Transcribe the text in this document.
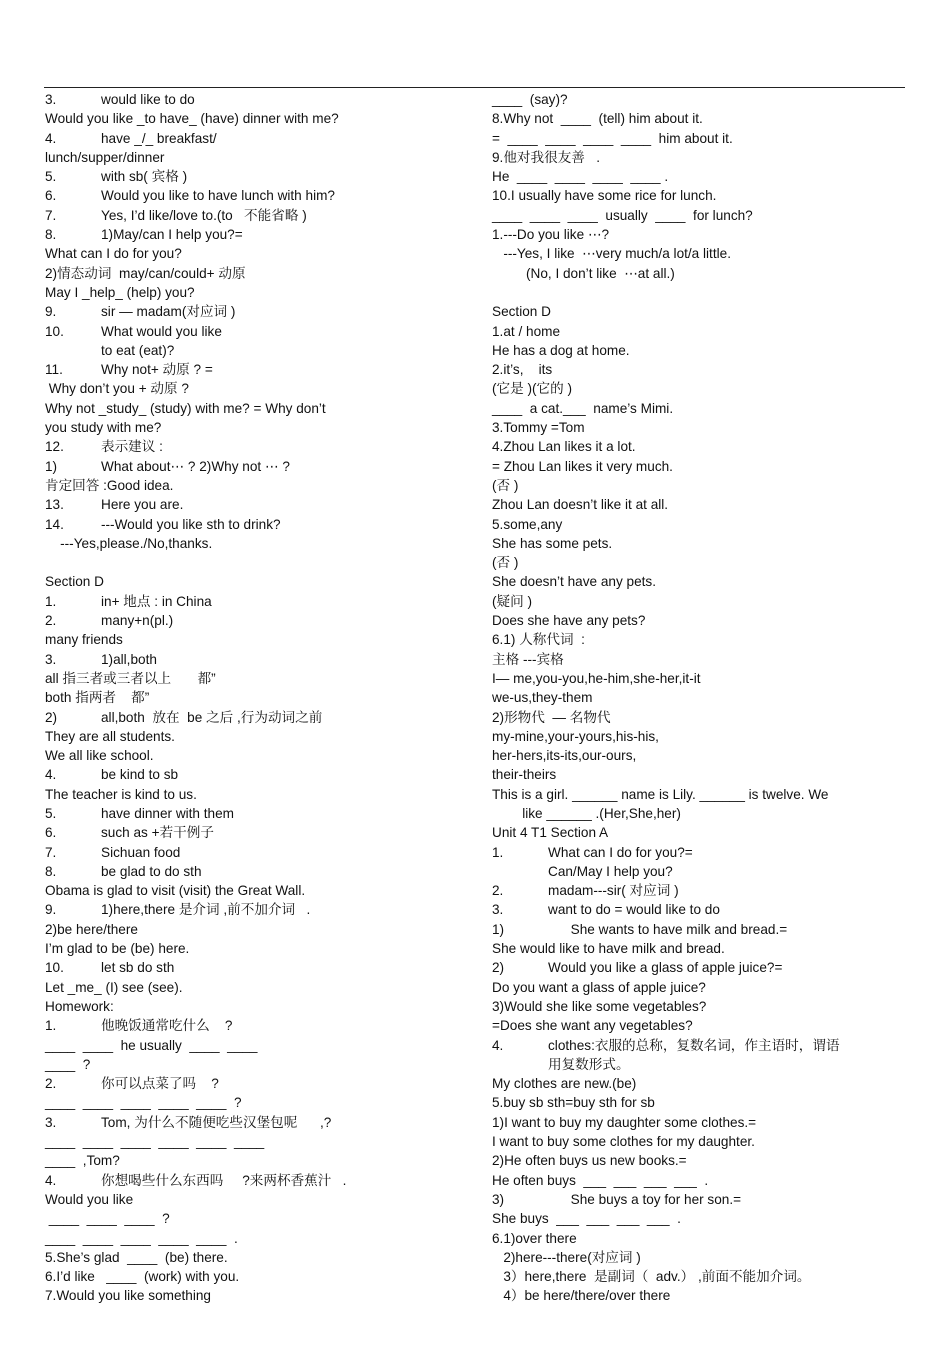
3.	would like to do
Would you like _to have_ (have) dinner with me?
4.	have _/_ breakfast/
lunch/supper/dinner
5.	with sb( 宾格 )
6.	Would you like to have lunch with him?
7.	Yes, I’d like/love to.(to   不能省略 )
8.	1)May/can I help you?=
What can I do for you?
2)情态动词  may/can/could+ 动原
May I _help_ (help) you?
9.	sir — madam(对应词 )
10.	What would you like
to eat (eat)?
11.	Why not+ 动原 ? =
Why don’t you + 动原 ?
Why not _study_ (study) with me? = Why don’t
you study with me?
12.	表示建议 :
1)	What about⋯ ? 2)Why not ⋯ ?
肯定回答 :Good idea.
13.	Here you are.
14.	---Would you like sth to drink?
---Yes,please./No,thanks.
Section D
1.	in+ 地点 : in China
2.	many+n(pl.)
many friends
3.	1)all,both
all 指三者或三者以上       都”
both 指两者    都”
2)	all,both  放在  be 之后 ,行为动词之前
They are all students.
We all like school.
4.	be kind to sb
The teacher is kind to us.
5.	have dinner with them
6.	such as +若干例子
7.	Sichuan food
8.	be glad to do sth
Obama is glad to visit (visit) the Great Wall.
9.	1)here,there 是介词 ,前不加介词   .
2)be here/there
I’m glad to be (be) here.
10.	let sb do sth
Let _me_ (I) see (see).
Homework:
1.	他晚饭通常吃什么    ?
____  ____  he usually  ____  ____
____  ?
2.	你可以点菜了吗    ?
____  ____  ____  ____  ____  ?
3.	Tom, 为什么不随便吃些汉堡包呢      ,?
____  ____  ____  ____  ____  ____
____  ,Tom?
4.	你想喝些什么东西吗     ?来两杯香蕉汁   .
Would you like
____  ____  ____  ?
____  ____  ____  ____  ____  .
5.She’s glad  ____  (be) there.
6.I’d like   ____  (work) with you.
7.Would you like something
____  (say)?
8.Why not  ____  (tell) him about it.
=  ____  ____  ____  ____  him about it.
9.他对我很友善   .
He  ____  ____  ____  ____ .
10.I usually have some rice for lunch.
____  ____  ____  usually  ____  for lunch?
1.---Do you like ⋯?
---Yes, I like  ⋯very much/a lot/a little.
(No, I don’t like  ⋯at all.)
Section D
1.at / home
He has a dog at home.
2.it’s,    its
(它是 )(它的 )
____  a cat.___  name’s Mimi.
3.Tommy =Tom
4.Zhou Lan likes it a lot.
= Zhou Lan likes it very much.
(否 )
Zhou Lan doesn’t like it at all.
5.some,any
She has some pets.
(否 )
She doesn’t have any pets.
(疑问 )
Does she have any pets?
6.1) 人称代词  :
主格 ---宾格
I— me,you-you,he-him,she-her,it-it
we-us,they-them
2)形物代  — 名物代
my-mine,your-yours,his-his,
her-hers,its-its,our-ours,
their-theirs
This is a girl. ______ name is Lily. ______ is twelve. We
like ______ .(Her,She,her)
Unit 4 T1 Section A
1.	What can I do for you?=
Can/May I help you?
2.	madam---sir( 对应词 )
3.	want to do = would like to do
1)	She wants to have milk and bread.=
She would like to have milk and bread.
2)	Would you like a glass of apple juice?=
Do you want a glass of apple juice?
3)Would she like some vegetables?
=Does she want any vegetables?
4.	clothes:衣服的总称，复数名词，作主语时，谓语
用复数形式。
My clothes are new.(be)
5.buy sb sth=buy sth for sb
1)I want to buy my daughter some clothes.=
I want to buy some clothes for my daughter.
2)He often buys us new books.=
He often buys  ___  ___  ___  ___  .
3)	She buys a toy for her son.=
She buys  ___  ___  ___  ___  .
6.1)over there
2)here---there(对应词 )
3）here,there  是副词（  adv.） ,前面不能加介词。
4）be here/there/over there
